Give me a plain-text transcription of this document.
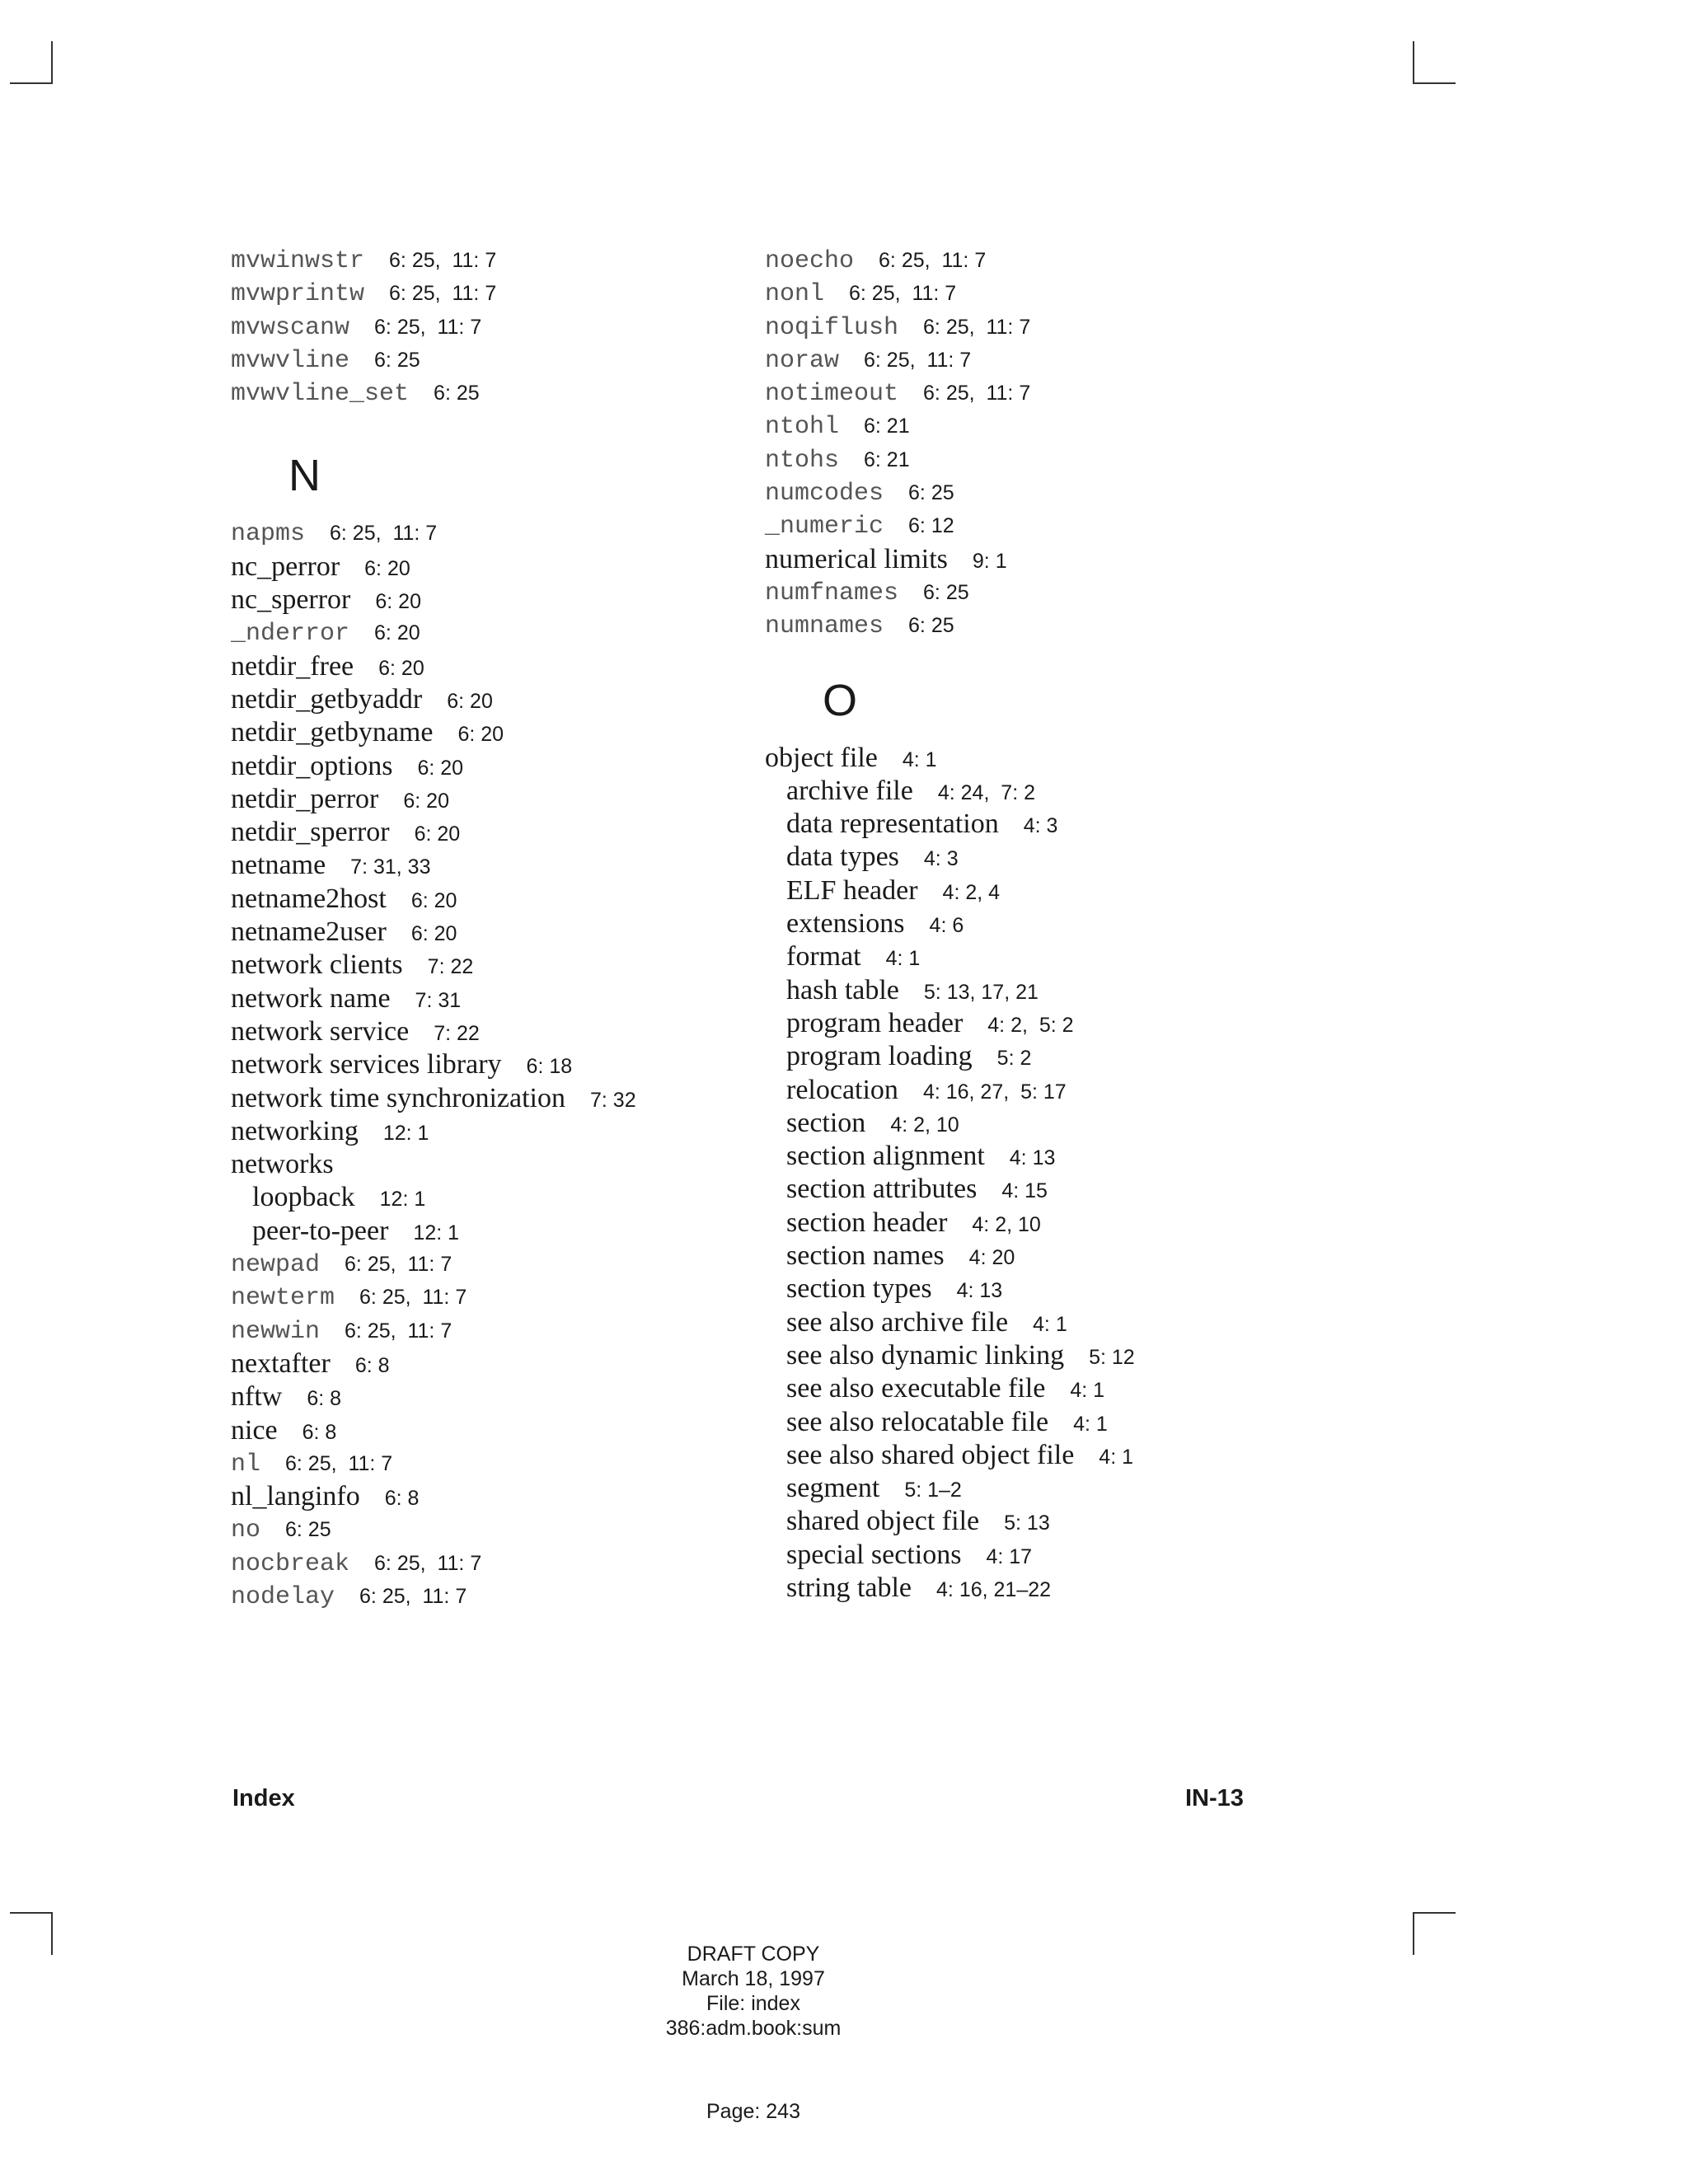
mvwinwstr 6: 25,  11: 7
mvwprintw 6: 25,  11: 7
mvwscanw 6: 25,  11: 7
mvwvline 6: 25
mvwvline_set 6: 25
N
napms 6: 25,  11: 7
nc_perror 6: 20
nc_sperror 6: 20
_nderror 6: 20
netdir_free 6: 20
netdir_getbyaddr 6: 20
netdir_getbyname 6: 20
netdir_options 6: 20
netdir_perror 6: 20
netdir_sperror 6: 20
netname 7: 31, 33
netname2host 6: 20
netname2user 6: 20
network clients 7: 22
network name 7: 31
network service 7: 22
network services library 6: 18
network time synchronization 7: 32
networking 12: 1
networks
loopback 12: 1
peer-to-peer 12: 1
newpad 6: 25,  11: 7
newterm 6: 25,  11: 7
newwin 6: 25,  11: 7
nextafter 6: 8
nftw 6: 8
nice 6: 8
nl 6: 25,  11: 7
nl_langinfo 6: 8
no 6: 25
nocbreak 6: 25,  11: 7
nodelay 6: 25,  11: 7
noecho 6: 25,  11: 7
nonl 6: 25,  11: 7
noqiflush 6: 25,  11: 7
noraw 6: 25,  11: 7
notimeout 6: 25,  11: 7
ntohl 6: 21
ntohs 6: 21
numcodes 6: 25
_numeric 6: 12
numerical limits 9: 1
numfnames 6: 25
numnames 6: 25
O
object file 4: 1
archive file 4: 24,  7: 2
data representation 4: 3
data types 4: 3
ELF header 4: 2, 4
extensions 4: 6
format 4: 1
hash table 5: 13, 17, 21
program header 4: 2,  5: 2
program loading 5: 2
relocation 4: 16, 27,  5: 17
section 4: 2, 10
section alignment 4: 13
section attributes 4: 15
section header 4: 2, 10
section names 4: 20
section types 4: 13
see also archive file 4: 1
see also dynamic linking 5: 12
see also executable file 4: 1
see also relocatable file 4: 1
see also shared object file 4: 1
segment 5: 1–2
shared object file 5: 13
special sections 4: 17
string table 4: 16, 21–22
Index	IN-13
DRAFT COPY
March 18, 1997
File: index
386:adm.book:sum
Page: 243
